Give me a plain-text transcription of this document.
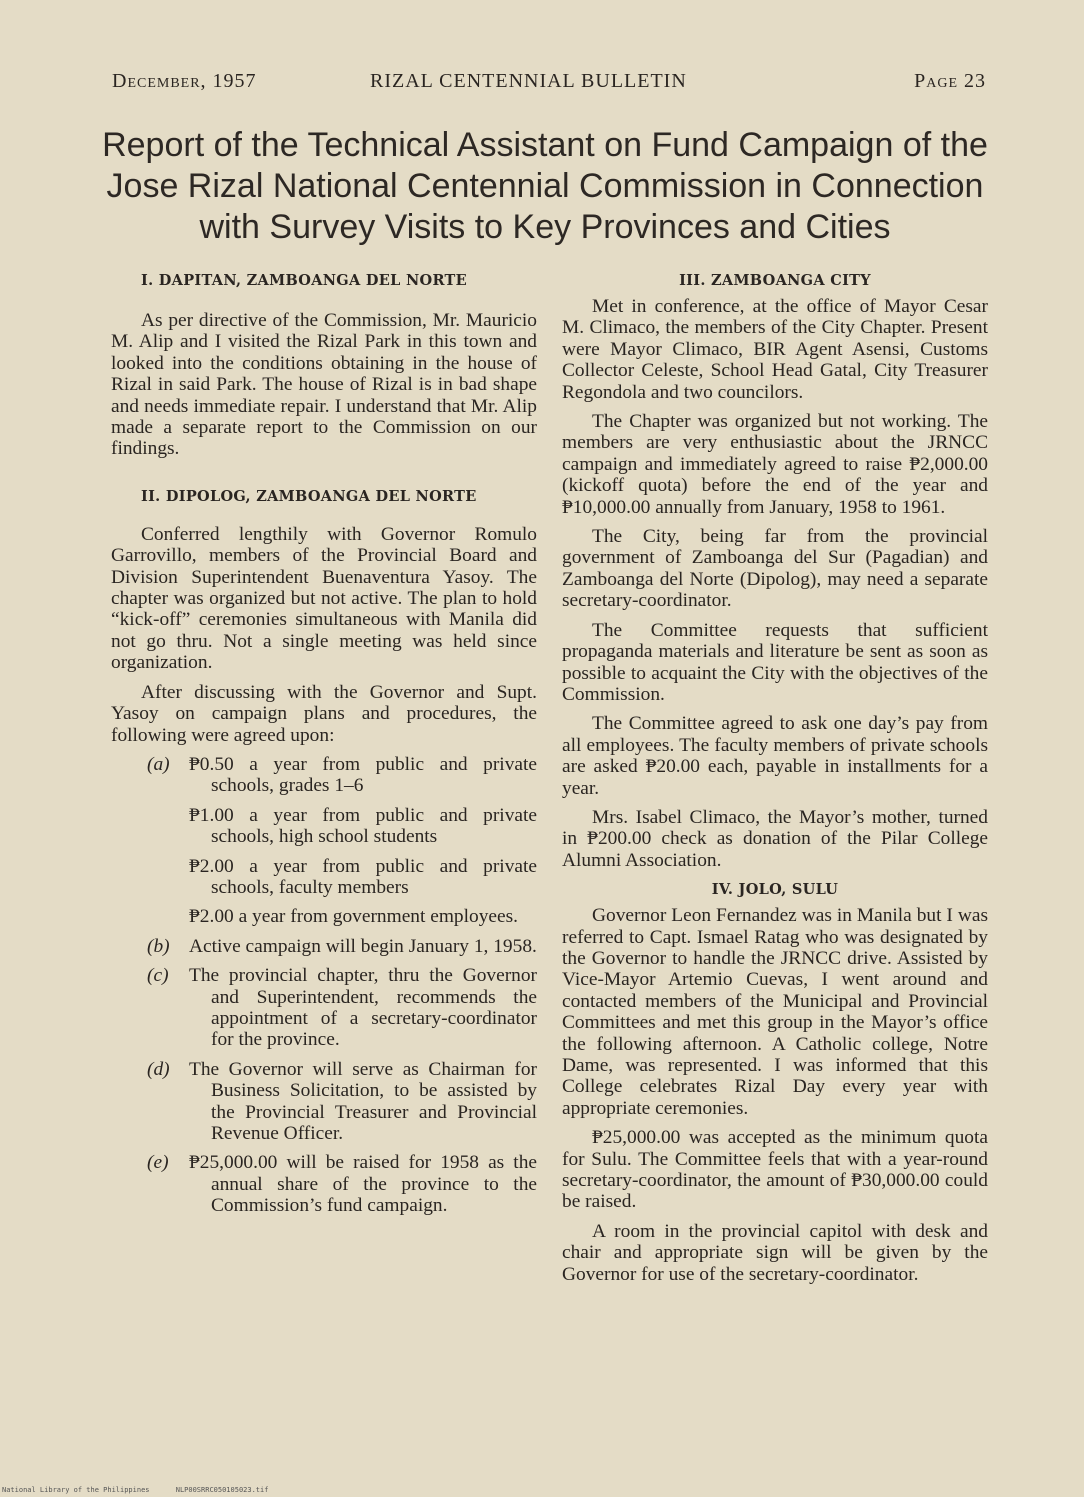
December, 1957	RIZAL CENTENNIAL BULLETIN	Page 23
Report of the Technical Assistant on Fund Campaign of the
Jose Rizal National Centennial Commission in Connection
with Survey Visits to Key Provinces and Cities
I. DAPITAN, ZAMBOANGA DEL NORTE

As per directive of the Commission, Mr. Mauricio M. Alip and I visited the Rizal Park in this town and looked into the conditions obtaining in the house of Rizal in said Park. The house of Rizal is in bad shape and needs immediate repair. I understand that Mr. Alip made a separate report to the Commission on our findings.

II. DIPOLOG, ZAMBOANGA DEL NORTE

Conferred lengthily with Governor Romulo Garrovillo, members of the Provincial Board and Division Superintendent Buenaventura Yasoy. The chapter was organized but not active. The plan to hold “kick-off” ceremonies simultaneous with Manila did not go thru. Not a single meeting was held since organization.

After discussing with the Governor and Supt. Yasoy on campaign plans and procedures, the following were agreed upon:

(a) ₱0.50 a year from public and private schools, grades 1–6
₱1.00 a year from public and private schools, high school students
₱2.00 a year from public and private schools, faculty members
₱2.00 a year from government employees.
(b) Active campaign will begin January 1, 1958.
(c) The provincial chapter, thru the Governor and Superintendent, recommends the appointment of a secretary-coordinator for the province.
(d) The Governor will serve as Chairman for Business Solicitation, to be assisted by the Provincial Treasurer and Provincial Revenue Officer.
(e) ₱25,000.00 will be raised for 1958 as the annual share of the province to the Commission’s fund campaign.
III. ZAMBOANGA CITY

Met in conference, at the office of Mayor Cesar M. Climaco, the members of the City Chapter. Present were Mayor Climaco, BIR Agent Asensi, Customs Collector Celeste, School Head Gatal, City Treasurer Regondola and two councilors.

The Chapter was organized but not working. The members are very enthusiastic about the JRNCC campaign and immediately agreed to raise ₱2,000.00 (kickoff quota) before the end of the year and ₱10,000.00 annually from January, 1958 to 1961.

The City, being far from the provincial government of Zamboanga del Sur (Pagadian) and Zamboanga del Norte (Dipolog), may need a separate secretary-coordinator.

The Committee requests that sufficient propaganda materials and literature be sent as soon as possible to acquaint the City with the objectives of the Commission.

The Committee agreed to ask one day’s pay from all employees. The faculty members of private schools are asked ₱20.00 each, payable in installments for a year.

Mrs. Isabel Climaco, the Mayor’s mother, turned in ₱200.00 check as donation of the Pilar College Alumni Association.

IV. JOLO, SULU

Governor Leon Fernandez was in Manila but I was referred to Capt. Ismael Ratag who was designated by the Governor to handle the JRNCC drive. Assisted by Vice-Mayor Artemio Cuevas, I went around and contacted members of the Municipal and Provincial Committees and met this group in the Mayor’s office the following afternoon. A Catholic college, Notre Dame, was represented. I was informed that this College celebrates Rizal Day every year with appropriate ceremonies.

₱25,000.00 was accepted as the minimum quota for Sulu. The Committee feels that with a year-round secretary-coordinator, the amount of ₱30,000.00 could be raised.

A room in the provincial capitol with desk and chair and appropriate sign will be given by the Governor for use of the secretary-coordinator.

National Library of the Philippines	NLP00SRRC050105023.tif
